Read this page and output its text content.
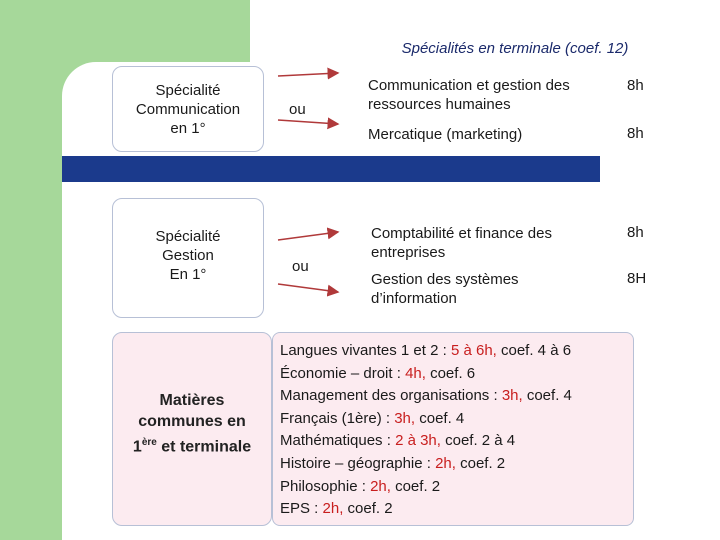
Spécialités en terminale (coef. 12)
Spécialité
Communication
en 1°
ou
Communication et gestion des
ressources humaines
8h
Mercatique (marketing)	8h
Spécialité
Gestion
En 1°	ou
Comptabilité et finance des
entreprises
8h
Gestion des systèmes
d’information
8H
Matières
communes en
1ère et terminale
Langues vivantes 1 et 2 : 5 à 6h, coef. 4 à 6
Économie – droit : 4h, coef. 6
Management des organisations : 3h, coef. 4
Français (1ère) : 3h, coef. 4
Mathématiques : 2 à 3h, coef. 2 à 4
Histoire – géographie : 2h, coef. 2
Philosophie : 2h, coef. 2
EPS : 2h, coef. 2
